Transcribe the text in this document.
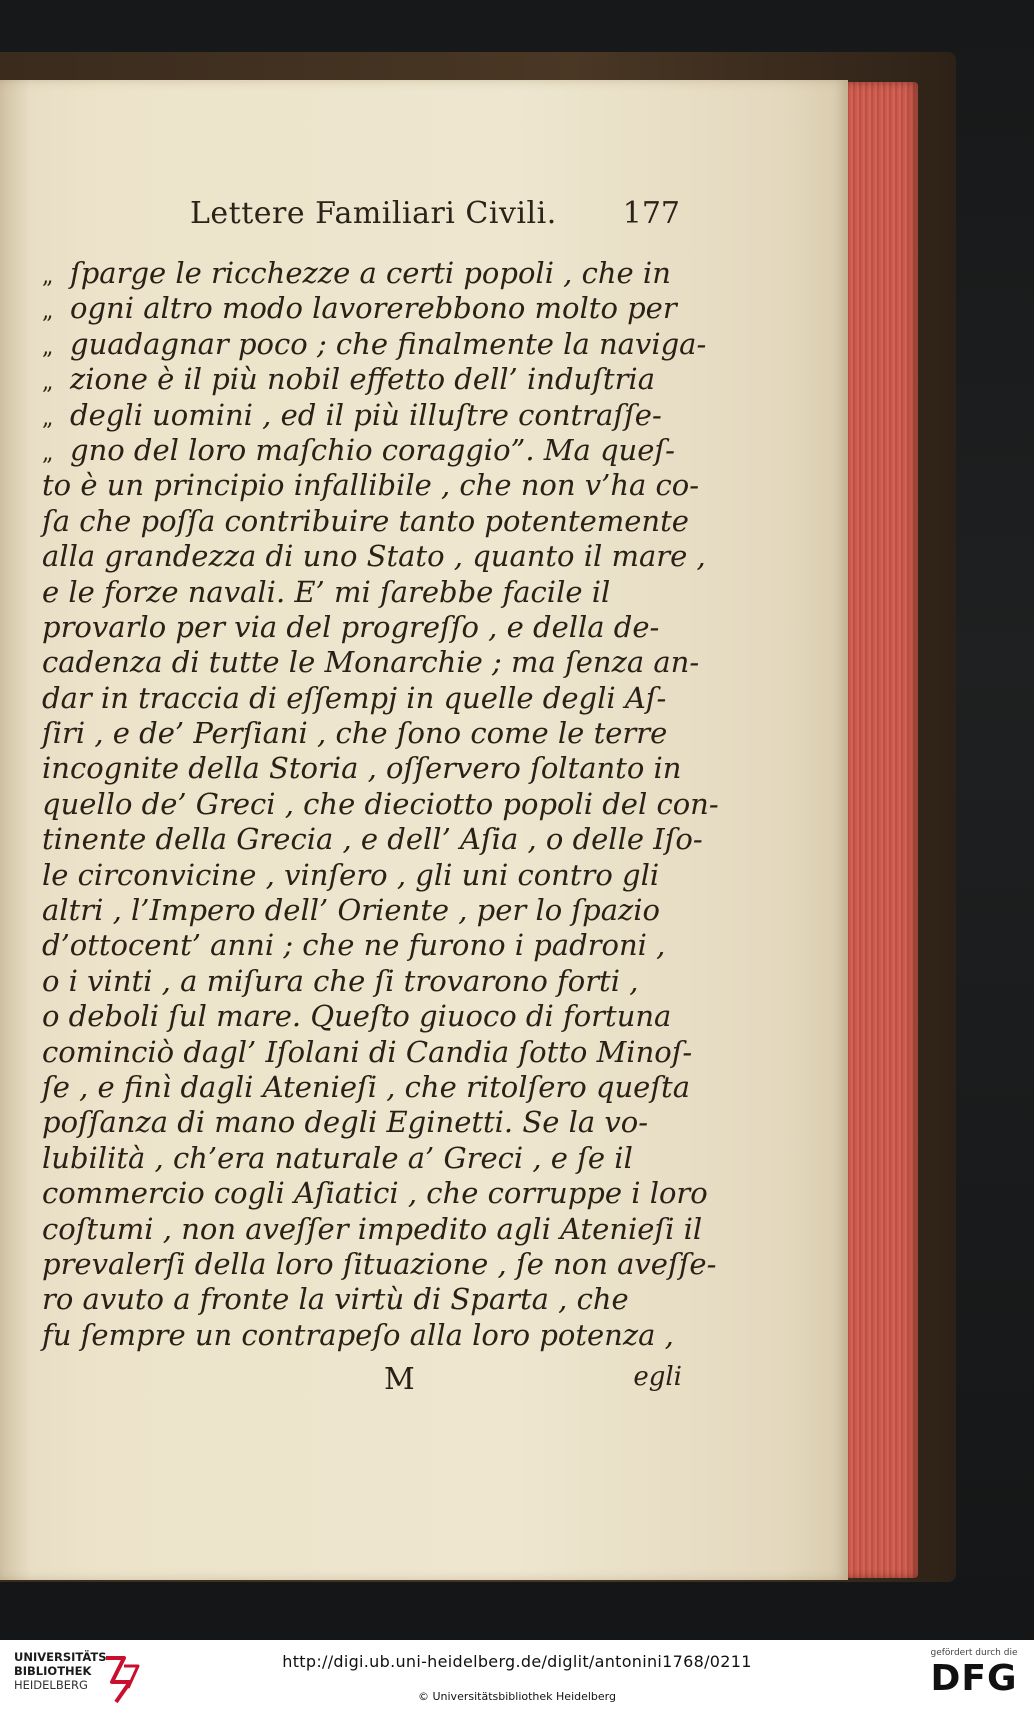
Lettere Familiari Civili. 177
„ ſparge le ricchezze a certi popoli , che in
„ ogni altro modo lavorerebbono molto per
„ guadagnar poco ; che finalmente la naviga-
„ zione è il più nobil effetto dell’ induſtria
„ degli uomini , ed il più illuſtre contraſſe-
„ gno del loro maſchio coraggio”. Ma queſ-
to è un principio infallibile , che non v’ha co-
ſa che poſſa contribuire tanto potentemente
alla grandezza di uno Stato , quanto il mare ,
e le forze navali. E’ mi ſarebbe facile il
provarlo per via del progreſſo , e della de-
cadenza di tutte le Monarchie ; ma ſenza an-
dar in traccia di eſſempj in quelle degli Aſ-
ſiri , e de’ Perſiani , che ſono come le terre
incognite della Storia , oſſervero ſoltanto in
quello de’ Greci , che dieciotto popoli del con-
tinente della Grecia , e dell’ Aſia , o delle Iſo-
le circonvicine , vinſero , gli uni contro gli
altri , l’Impero dell’ Oriente , per lo ſpazio
d’ottocent’ anni ; che ne furono i padroni ,
o i vinti , a miſura che ſi trovarono forti ,
o deboli ſul mare. Queſto giuoco di fortuna
cominciò dagl’ Iſolani di Candia ſotto Minoſ-
ſe , e finì dagli Atenieſi , che ritolſero queſta
poſſanza di mano degli Eginetti. Se la vo-
lubilità , ch’era naturale a’ Greci , e ſe il
commercio cogli Aſiatici , che corruppe i loro
coſtumi , non aveſſer impedito agli Atenieſi il
prevalerſi della loro ſituazione , ſe non aveſſe-
ro avuto a fronte la virtù di Sparta , che
fu ſempre un contrapeſo alla loro potenza ,
M	egli
UNIVERSITÄTS-
BIBLIOTHEK
HEIDELBERG
http://digi.ub.uni-heidelberg.de/diglit/antonini1768/0211
© Universitätsbibliothek Heidelberg
gefördert durch die
DFG
